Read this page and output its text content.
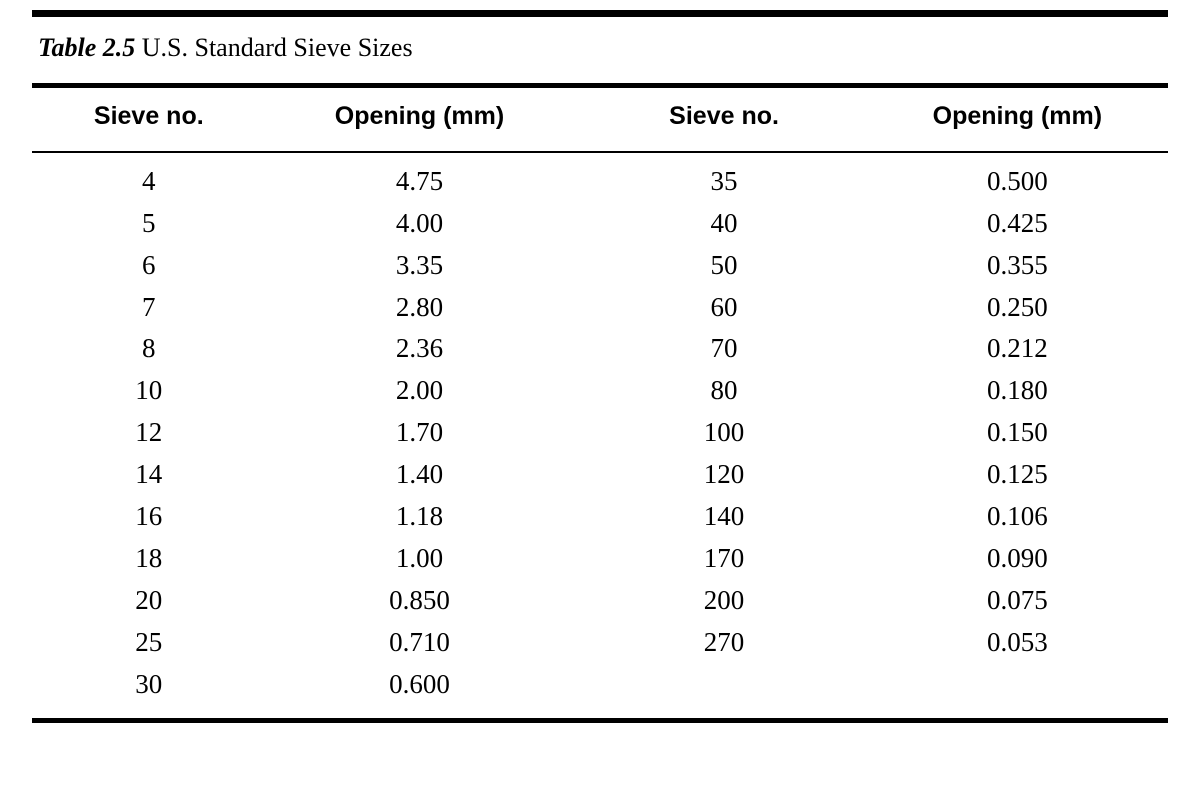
Table 2.5 U.S. Standard Sieve Sizes
Sieve no.	Opening (mm)	Sieve no.	Opening (mm)
4	4.75	35	0.500
5	4.00	40	0.425
6	3.35	50	0.355
7	2.80	60	0.250
8	2.36	70	0.212
10	2.00	80	0.180
12	1.70	100	0.150
14	1.40	120	0.125
16	1.18	140	0.106
18	1.00	170	0.090
20	0.850	200	0.075
25	0.710	270	0.053
30	0.600		
